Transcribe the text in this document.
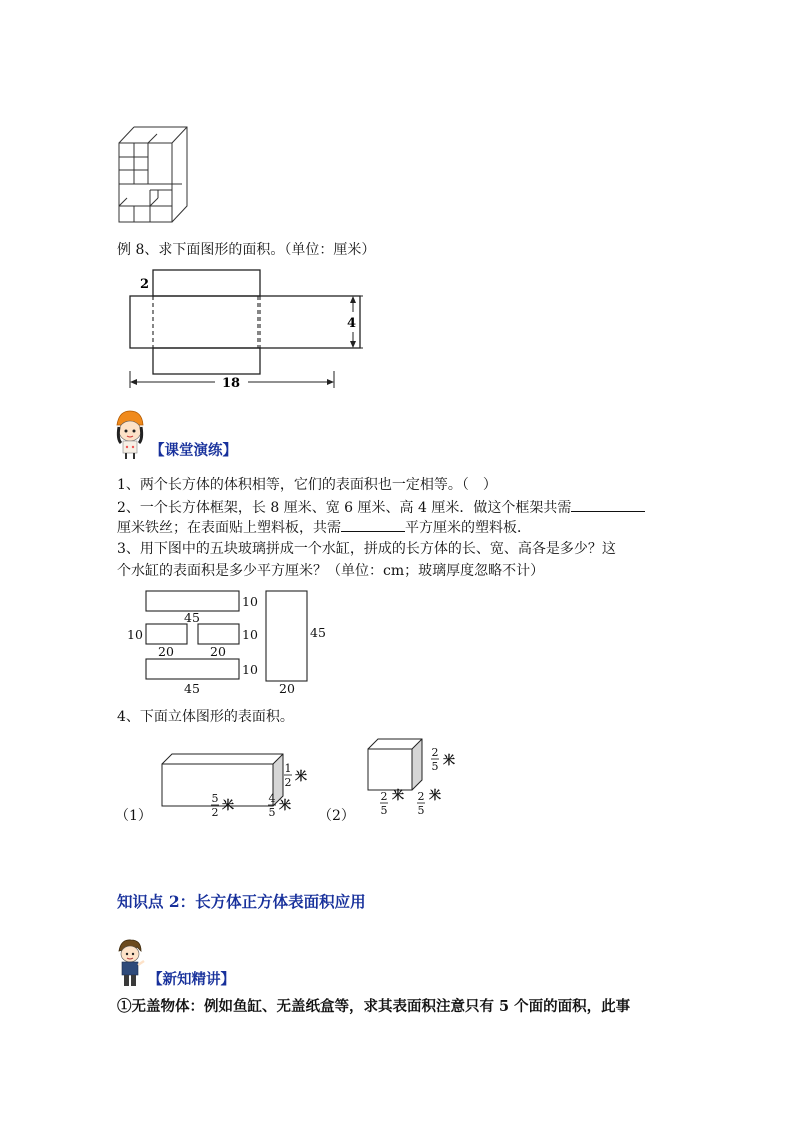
例 8、求下面图形的面积。（单位：厘米）
2
4
18
【课堂演练】
1、两个长方体的体积相等，它们的表面积也一定相等。（　）
2、一个长方体框架，长 8 厘米、宽 6 厘米、高 4 厘米．做这个框架共需
厘米铁丝；在表面贴上塑料板，共需	平方厘米的塑料板．
3、用下图中的五块玻璃拼成一个水缸，拼成的长方体的长、宽、高各是多少？这
个水缸的表面积是多少平方厘米？（单位：cm；玻璃厚度忽略不计）
45
10
10
20	20
10
10
45
45
20
4、下面立体图形的表面积。
（1）
1
2 米
5
2
米	4
5
米
（2）
2
5 米
2
5
米 2
5
米
知识点 2：长方体正方体表面积应用
【新知精讲】
①无盖物体：例如鱼缸、无盖纸盒等，求其表面积注意只有 5 个面的面积，此事
